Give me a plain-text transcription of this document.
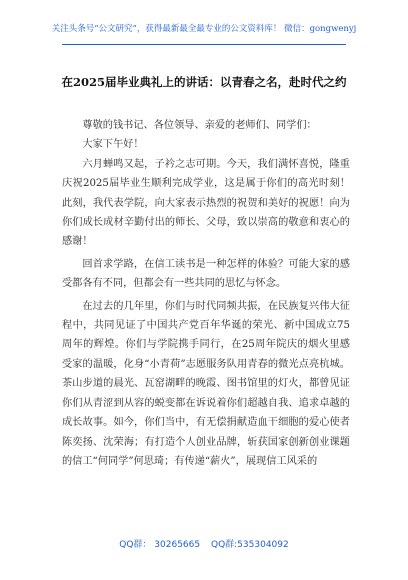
关注头条号“公文研究”，获得最新最全最专业的公文资料库！ 微信：gongwenyj
在2025届毕业典礼上的讲话：以青春之名，赴时代之约

尊敬的钱书记、各位领导、亲爱的老师们、同学们：

大家下午好！

六月蝉鸣又起，子衿之志可期。今天，我们满怀喜悦，隆重庆祝2025届毕业生顺利完成学业，这是属于你们的高光时刻！此刻，我代表学院，向大家表示热烈的祝贺和美好的祝愿！向为你们成长成材辛勤付出的师长、父母，致以崇高的敬意和衷心的感谢！

回首求学路，在信工读书是一种怎样的体验？可能大家的感受都各有不同，但都会有一些共同的思忆与怀念。

在过去的几年里，你们与时代同频共振，在民族复兴伟大征程中，共同见证了中国共产党百年华诞的荣光、新中国成立75周年的辉煌。你们与学院携手同行，在25周年院庆的烟火里感受家的温暖，化身“小青荷”志愿服务队用青春的微光点亮杭城。茶山步道的晨光、瓦窑湖畔的晚霞、图书馆里的灯火，都曾见证你们从青涩到从容的蜕变都在诉说着你们超越自我、追求卓越的成长故事。如今，你们当中，有无偿捐献造血干细胞的爱心使者陈奕扬、沈荣海；有打造个人创业品牌，斩获国家创新创业课题的信工“何同学”何思琦；有传递“薪火”，展现信工风采的

QQ群： 30265665 QQ群:535304092
